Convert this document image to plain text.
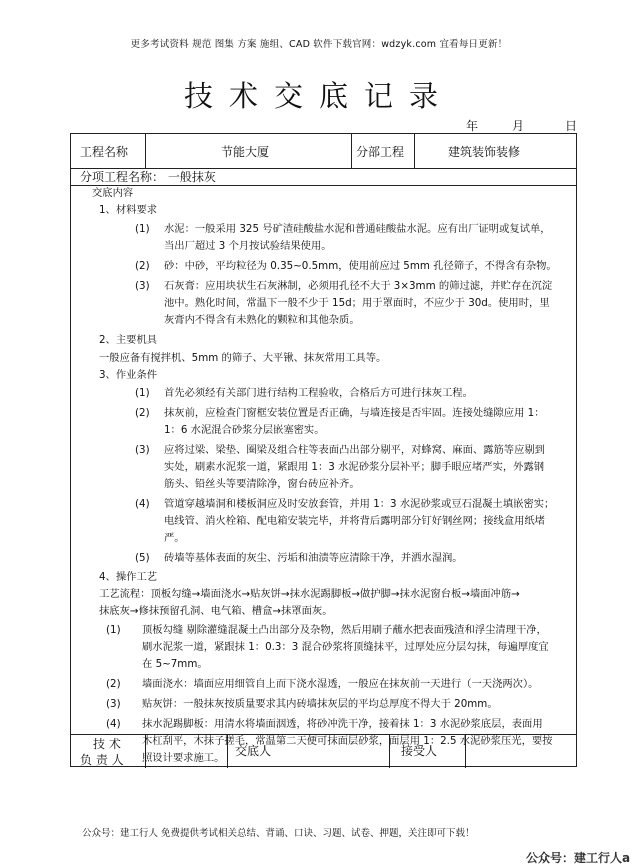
更多考试资料 规范 图集 方案 施组、CAD 软件下载官网：wdzyk.com 宜看每日更新！
技术交底记录
年	月	日
工程名称	节能大厦	分部工程	建筑装饰装修
分项工程名称： 一般抹灰
交底内容
1、材料要求
(1) 水泥：一般采用 325 号矿渣硅酸盐水泥和普通硅酸盐水泥。应有出厂证明或复试单，
当出厂超过 3 个月按试验结果使用。
(2) 砂：中砂，平均粒径为 0.35~0.5mm，使用前应过 5mm 孔径筛子，不得含有杂物。
(3) 石灰膏：应用块状生石灰淋制，必须用孔径不大于 3×3mm 的筛过滤，并贮存在沉淀
池中。熟化时间，常温下一般不少于 15d；用于罩面时，不应少于 30d。使用时，里
灰膏内不得含有未熟化的颗粒和其他杂质。
2、主要机具
一般应备有搅拌机、5mm 的筛子、大平锹、抹灰常用工具等。
3、作业条件
(1) 首先必须经有关部门进行结构工程验收，合格后方可进行抹灰工程。
(2) 抹灰前，应检查门窗框安装位置是否正确，与墙连接是否牢固。连接处缝隙应用 1：
1：6 水泥混合砂浆分层嵌塞密实。
(3) 应将过梁、梁垫、圈梁及组合柱等表面凸出部分剔平，对蜂窝、麻面、露筋等应剔到
实处，刷素水泥浆一道，紧跟用 1：3 水泥砂浆分层补平；脚手眼应堵严实，外露钢
筋头、铅丝头等要清除净，窗台砖应补齐。
(4) 管道穿越墙洞和楼板洞应及时安放套管，并用 1：3 水泥砂浆或豆石混凝土填嵌密实；
电线管、消火栓箱、配电箱安装完毕，并将背后露明部分钉好钢丝网；接线盒用纸堵
严。
(5) 砖墙等基体表面的灰尘、污垢和油渍等应清除干净，并洒水湿润。
4、操作工艺
工艺流程：顶板勾缝→墙面浇水→贴灰饼→抹水泥踢脚板→做护脚→抹水泥窗台板→墙面冲筋→
抹底灰→修抹预留孔洞、电气箱、槽盒→抹罩面灰。
(1) 顶板勾缝 剔除灌缝混凝土凸出部分及杂物，然后用刷子蘸水把表面残渣和浮尘清理干净，
刷水泥浆一道，紧跟抹 1：0.3：3 混合砂浆将顶缝抹平，过厚处应分层勾抹，每遍厚度宜
在 5~7mm。
(2) 墙面浇水：墙面应用细管自上而下浇水湿透，一般应在抹灰前一天进行（一天浇两次）。
(3) 贴灰饼：一般抹灰按质量要求其内砖墙抹灰层的平均总厚度不得大于 20mm。
(4) 抹水泥踢脚板：用清水将墙面洇透，将砂冲洗干净，接着抹 1：3 水泥砂浆底层，表面用
木杠刮平，木抹子搓毛，常温第二天便可抹面层砂浆，面层用 1：2.5 水泥砂浆压光，要按
照设计要求施工。
技 术
负 责 人
交底人	接受人
公众号：建工行人 免费提供考试相关总结、背诵、口诀、习题、试卷、押题，关注即可下载！
公众号：建工行人a
